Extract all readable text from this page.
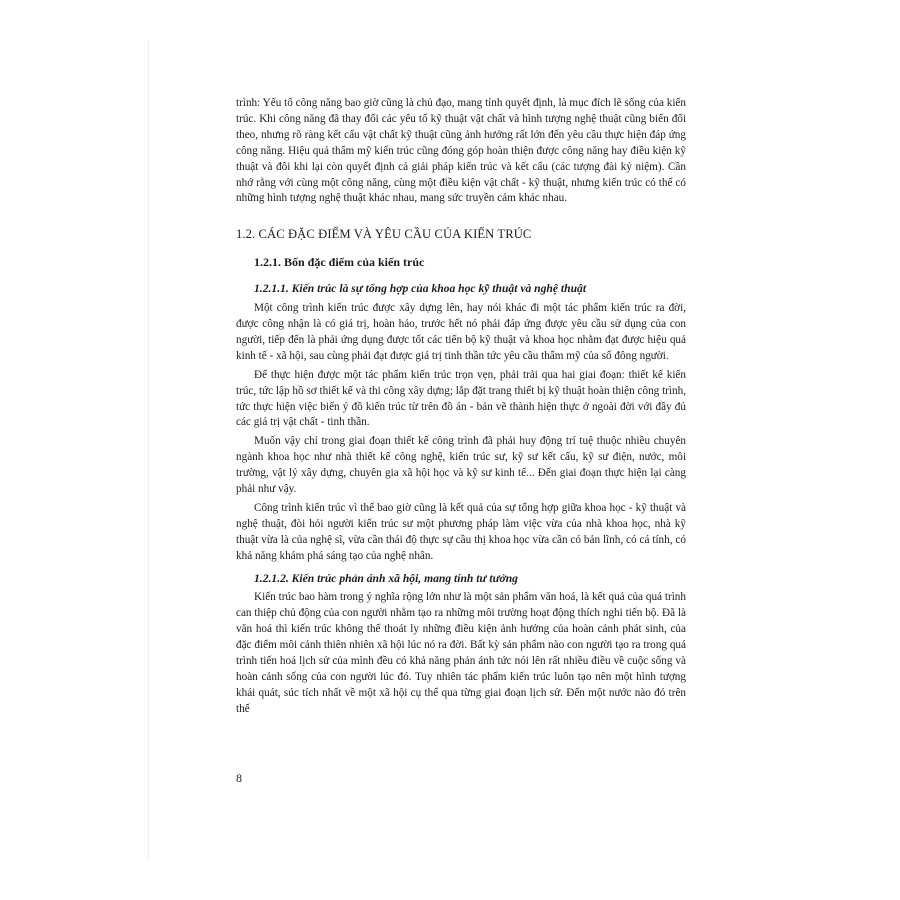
trình: Yếu tố công năng bao giờ cũng là chủ đạo, mang tính quyết định, là mục đích lẽ sống của kiến trúc. Khi công năng đã thay đổi các yếu tố kỹ thuật vật chất và hình tượng nghệ thuật cũng biến đổi theo, nhưng rõ ràng kết cấu vật chất kỹ thuật cũng ảnh hưởng rất lớn đến yêu cầu thực hiện đáp ứng công năng. Hiệu quả thẩm mỹ kiến trúc cũng đóng góp hoàn thiện được công năng hay điều kiện kỹ thuật và đôi khi lại còn quyết định cả giải pháp kiến trúc và kết cấu (các tượng đài kỷ niệm). Cần nhớ rằng với cùng một công năng, cùng một điều kiện vật chất - kỹ thuật, nhưng kiến trúc có thể có những hình tượng nghệ thuật khác nhau, mang sức truyền cảm khác nhau.

1.2. CÁC ĐẶC ĐIỂM VÀ YÊU CẦU CỦA KIẾN TRÚC
1.2.1. Bốn đặc điểm của kiến trúc
1.2.1.1. Kiến trúc là sự tổng hợp của khoa học kỹ thuật và nghệ thuật

Một công trình kiến trúc được xây dựng lên, hay nói khác đi một tác phẩm kiến trúc ra đời, được công nhận là có giá trị, hoàn hảo, trước hết nó phải đáp ứng được yêu cầu sử dụng của con người, tiếp đến là phải ứng dụng được tốt các tiến bộ kỹ thuật và khoa học nhằm đạt được hiệu quả kinh tế - xã hội, sau cùng phải đạt được giá trị tinh thần tức yêu cầu thẩm mỹ của số đông người.

Để thực hiện được một tác phẩm kiến trúc trọn vẹn, phải trải qua hai giai đoạn: thiết kế kiến trúc, tức lập hồ sơ thiết kế và thi công xây dựng; lắp đặt trang thiết bị kỹ thuật hoàn thiện công trình, tức thực hiện việc biến ý đồ kiến trúc từ trên đồ án - bản vẽ thành hiện thực ở ngoài đời với đầy đủ các giá trị vật chất - tinh thần.

Muốn vậy chỉ trong giai đoạn thiết kế công trình đã phải huy động trí tuệ thuộc nhiều chuyên ngành khoa học như nhà thiết kế công nghệ, kiến trúc sư, kỹ sư kết cấu, kỹ sư điện, nước, môi trường, vật lý xây dựng, chuyên gia xã hội học và kỹ sư kinh tế... Đến giai đoạn thực hiện lại càng phải như vậy.

Công trình kiến trúc vì thế bao giờ cũng là kết quả của sự tổng hợp giữa khoa học - kỹ thuật và nghệ thuật, đòi hỏi người kiến trúc sư một phương pháp làm việc vừa của nhà khoa học, nhà kỹ thuật vừa là của nghệ sĩ, vừa cần thái độ thực sự cầu thị khoa học vừa cần có bản lĩnh, có cá tính, có khả năng khám phá sáng tạo của nghệ nhân.

1.2.1.2. Kiến trúc phản ánh xã hội, mang tính tư tưởng

Kiến trúc bao hàm trong ý nghĩa rộng lớn như là một sản phẩm văn hoá, là kết quả của quá trình can thiệp chủ động của con người nhằm tạo ra những môi trường hoạt động thích nghi tiến bộ. Đã là văn hoá thì kiến trúc không thể thoát ly những điều kiện ảnh hưởng của hoàn cảnh phát sinh, của đặc điểm môi cảnh thiên nhiên xã hội lúc nó ra đời. Bất kỳ sản phẩm nào con người tạo ra trong quá trình tiến hoá lịch sử của mình đều có khả năng phản ánh tức nói lên rất nhiều điều về cuộc sống và hoàn cảnh sống của con người lúc đó. Tuy nhiên tác phẩm kiến trúc luôn tạo nên một hình tượng khái quát, súc tích nhất về một xã hội cụ thể qua từng giai đoạn lịch sử. Đến một nước nào đó trên thế

8
